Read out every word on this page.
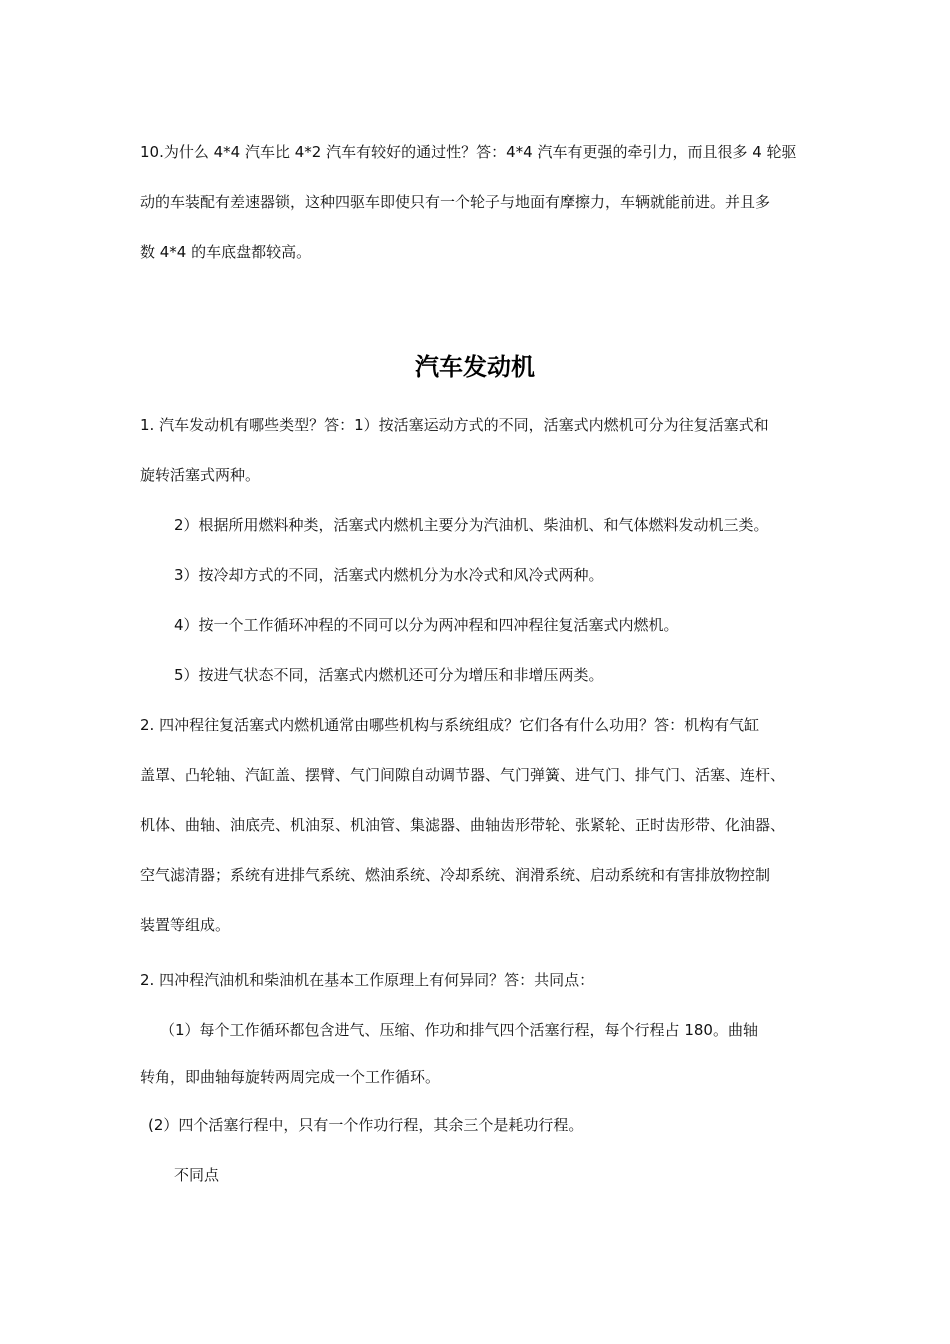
10.为什么 4*4 汽车比 4*2 汽车有较好的通过性？答：4*4 汽车有更强的牵引力，而且很多 4 轮驱
动的车装配有差速器锁，这种四驱车即使只有一个轮子与地面有摩擦力，车辆就能前进。并且多
数 4*4 的车底盘都较高。
汽车发动机
1. 汽车发动机有哪些类型？答：1）按活塞运动方式的不同，活塞式内燃机可分为往复活塞式和
旋转活塞式两种。
2）根据所用燃料种类，活塞式内燃机主要分为汽油机、柴油机、和气体燃料发动机三类。
3）按冷却方式的不同，活塞式内燃机分为水冷式和风冷式两种。
4）按一个工作循环冲程的不同可以分为两冲程和四冲程往复活塞式内燃机。
5）按进气状态不同，活塞式内燃机还可分为增压和非增压两类。
2. 四冲程往复活塞式内燃机通常由哪些机构与系统组成？它们各有什么功用？答：机构有气缸
盖罩、凸轮轴、汽缸盖、摆臂、气门间隙自动调节器、气门弹簧、进气门、排气门、活塞、连杆、
机体、曲轴、油底壳、机油泵、机油管、集滤器、曲轴齿形带轮、张紧轮、正时齿形带、化油器、
空气滤清器；系统有进排气系统、燃油系统、冷却系统、润滑系统、启动系统和有害排放物控制
装置等组成。
2. 四冲程汽油机和柴油机在基本工作原理上有何异同？答：共同点：
（1）每个工作循环都包含进气、压缩、作功和排气四个活塞行程，每个行程占 180。曲轴
转角，即曲轴每旋转两周完成一个工作循环。
(2）四个活塞行程中，只有一个作功行程，其余三个是耗功行程。
不同点
